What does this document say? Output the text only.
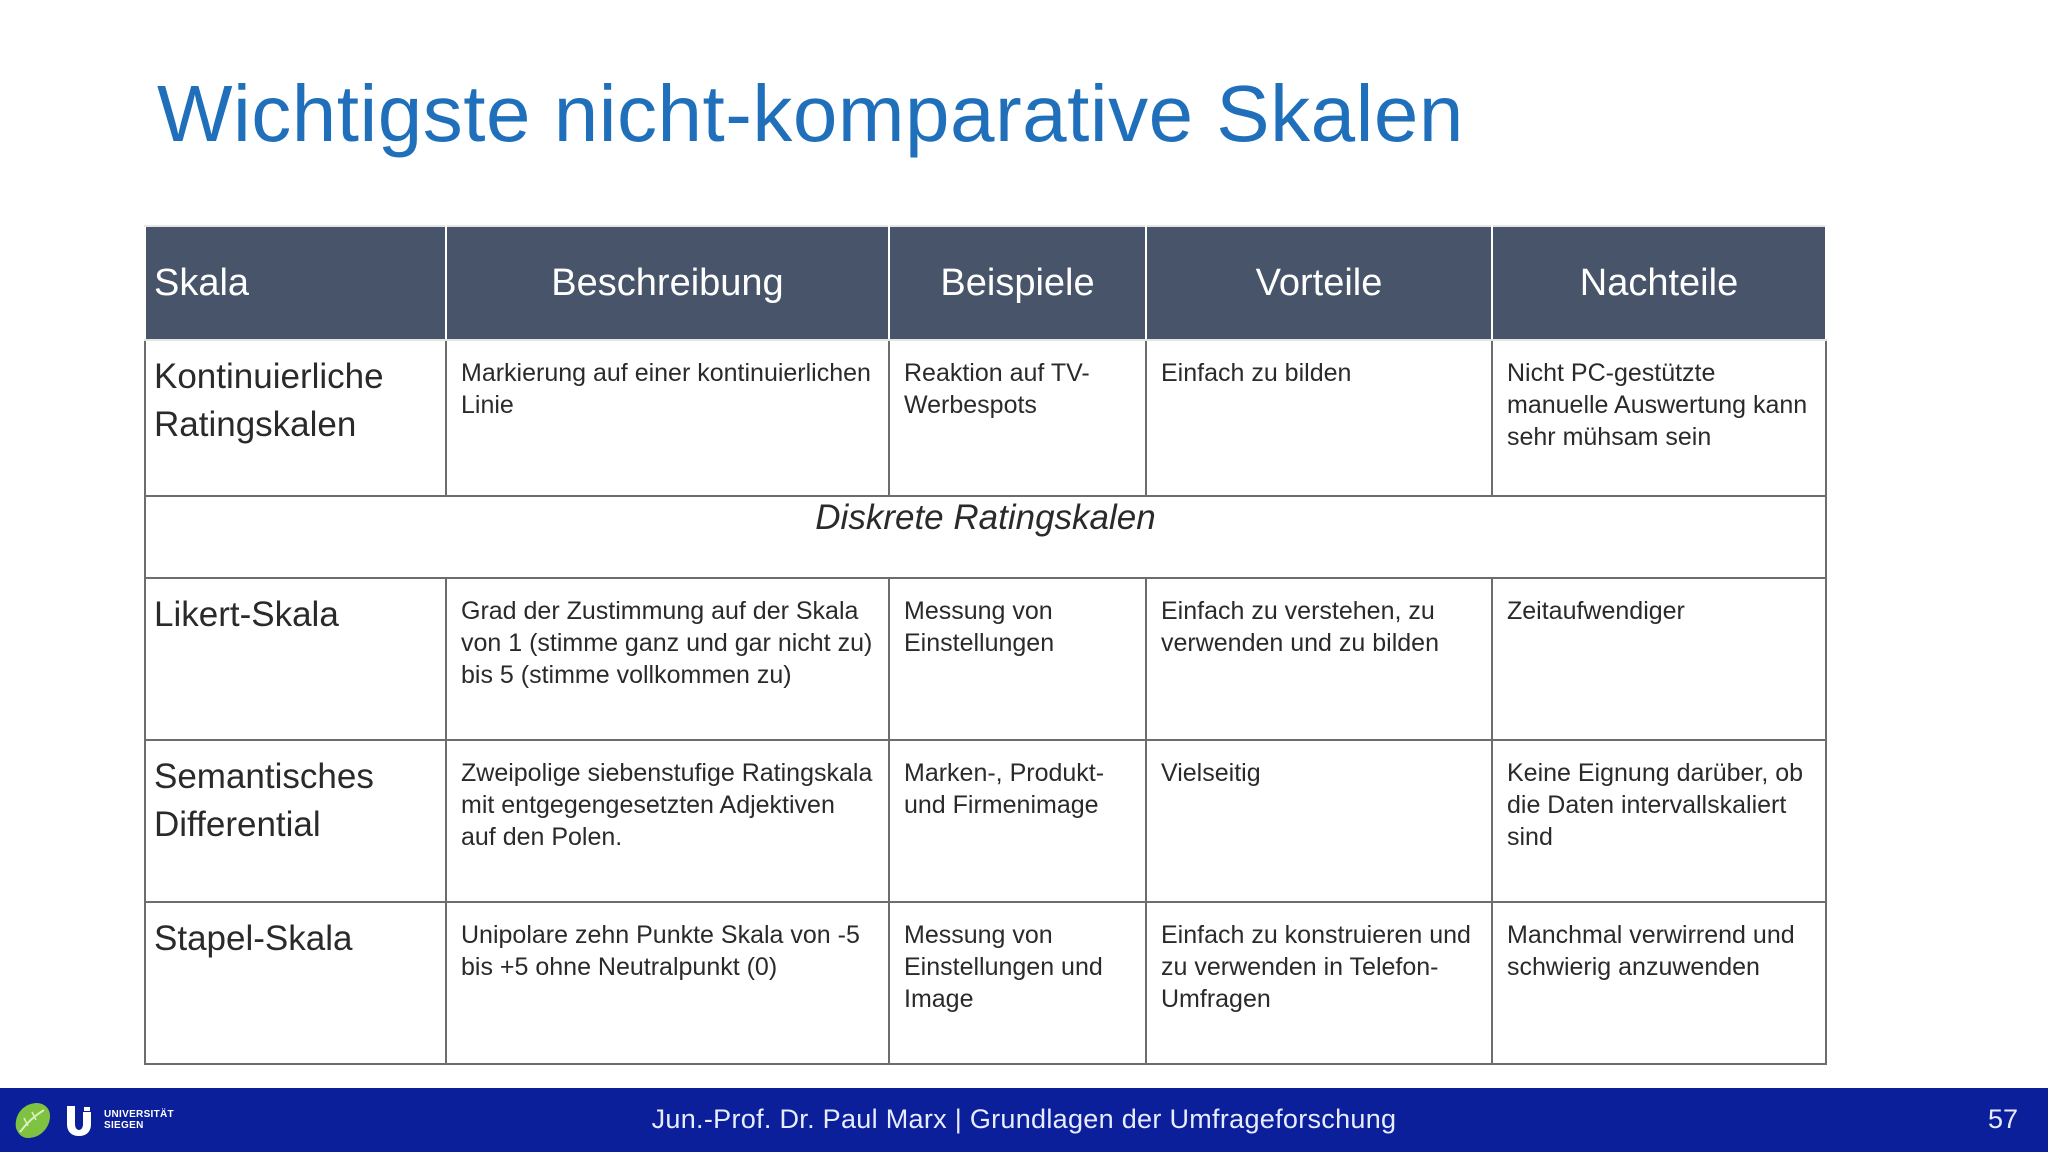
Wichtigste nicht-komparative Skalen
Skala	Beschreibung	Beispiele	Vorteile	Nachteile
Kontinuierliche Ratingskalen	Markierung auf einer kontinuierlichen Linie	Reaktion auf TV-Werbespots	Einfach zu bilden	Nicht PC-gestützte manuelle Auswertung kann sehr mühsam sein
Diskrete Ratingskalen				
Likert-Skala	Grad der Zustimmung auf der Skala von 1 (stimme ganz und gar nicht zu) bis 5 (stimme vollkommen zu)	Messung von Einstellungen	Einfach zu verstehen, zu verwenden und zu bilden	Zeitaufwendiger
Semantisches Differential	Zweipolige siebenstufige Ratingskala mit entgegengesetzten Adjektiven auf den Polen.	Marken-, Produkt- und Firmenimage	Vielseitig	Keine Eignung darüber, ob die Daten intervallskaliert sind
Stapel-Skala	Unipolare zehn Punkte Skala von -5 bis +5 ohne Neutralpunkt (0)	Messung von Einstellungen und Image	Einfach zu konstruieren und zu verwenden in Telefon-Umfragen	Manchmal verwirrend und schwierig anzuwenden
UNIVERSITÄT
SIEGEN	Jun.-Prof. Dr. Paul Marx | Grundlagen der Umfrageforschung	57
